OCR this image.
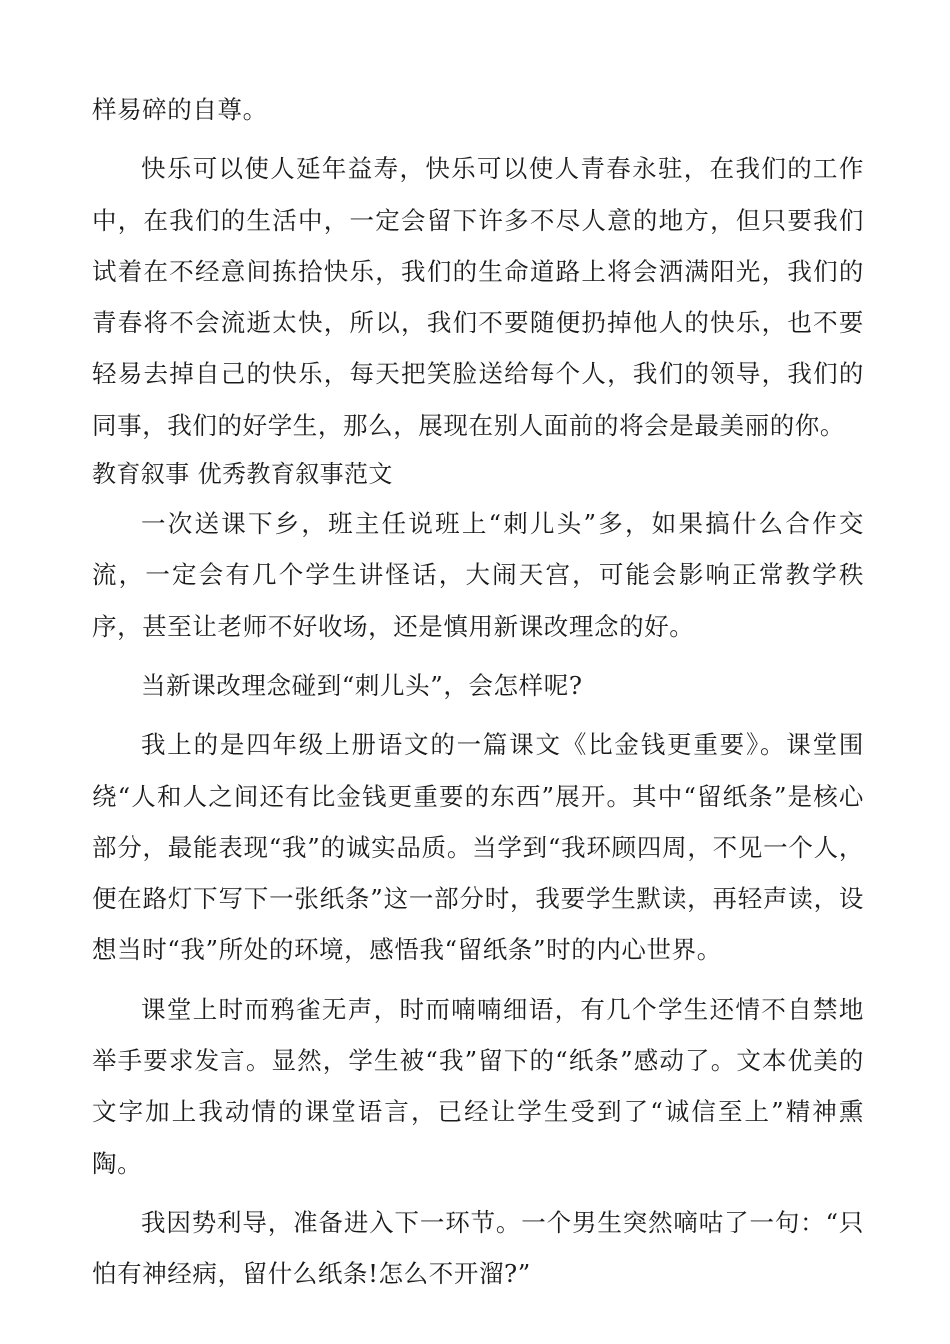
样易碎的自尊。

快乐可以使人延年益寿，快乐可以使人青春永驻，在我们的工作中，在我们的生活中，一定会留下许多不尽人意的地方，但只要我们试着在不经意间拣拾快乐，我们的生命道路上将会洒满阳光，我们的青春将不会流逝太快，所以，我们不要随便扔掉他人的快乐，也不要轻易去掉自己的快乐，每天把笑脸送给每个人，我们的领导，我们的同事，我们的好学生，那么，展现在别人面前的将会是最美丽的你。

教育叙事 优秀教育叙事范文

一次送课下乡，班主任说班上“刺儿头”多，如果搞什么合作交流，一定会有几个学生讲怪话，大闹天宫，可能会影响正常教学秩序，甚至让老师不好收场，还是慎用新课改理念的好。

当新课改理念碰到“刺儿头”，会怎样呢?

我上的是四年级上册语文的一篇课文《比金钱更重要》。课堂围绕“人和人之间还有比金钱更重要的东西”展开。其中“留纸条”是核心部分，最能表现“我”的诚实品质。当学到“我环顾四周，不见一个人，便在路灯下写下一张纸条”这一部分时，我要学生默读，再轻声读，设想当时“我”所处的环境，感悟我“留纸条”时的内心世界。

课堂上时而鸦雀无声，时而喃喃细语，有几个学生还情不自禁地举手要求发言。显然，学生被“我”留下的“纸条”感动了。文本优美的文字加上我动情的课堂语言，已经让学生受到了“诚信至上”精神熏陶。

我因势利导，准备进入下一环节。一个男生突然嘀咕了一句：“只怕有神经病，留什么纸条!怎么不开溜?”
